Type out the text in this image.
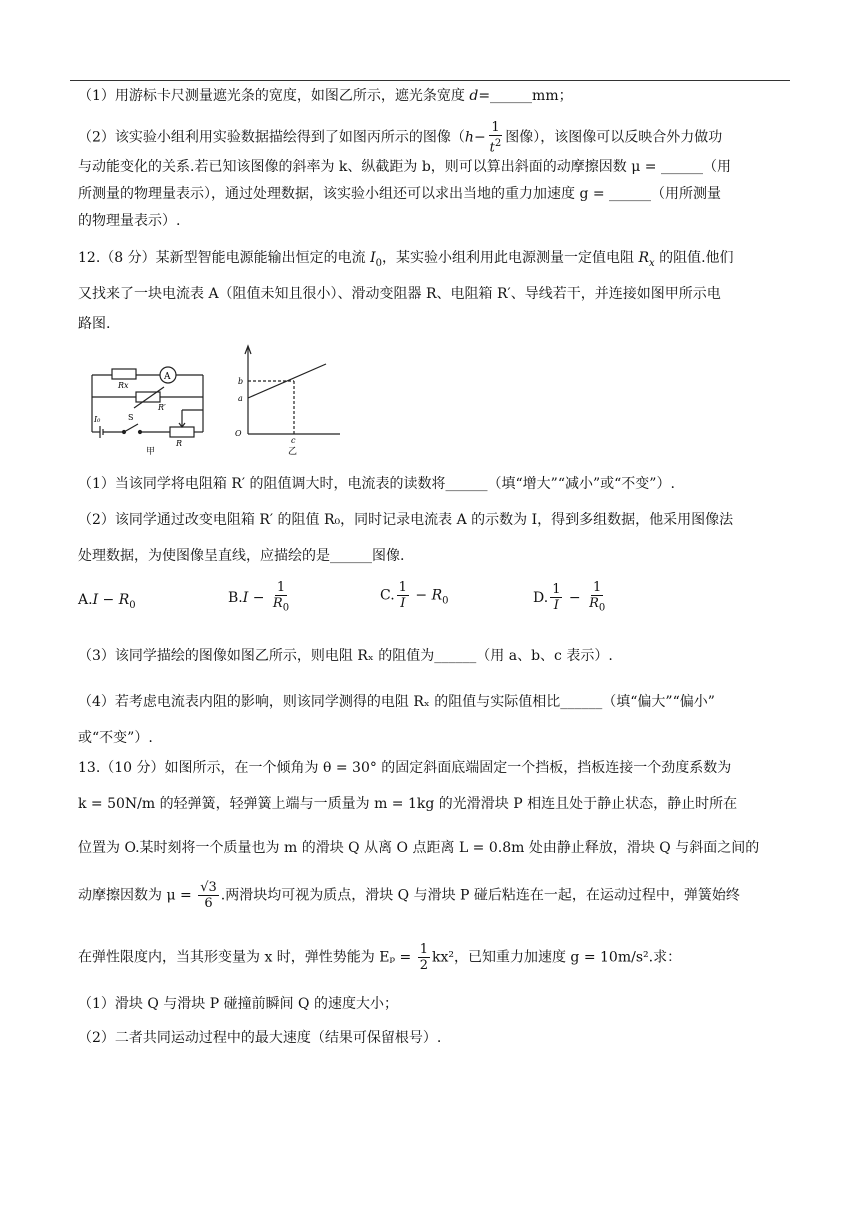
（1）用游标卡尺测量遮光条的宽度，如图乙所示，遮光条宽度 d=______mm；
（2）该实验小组利用实验数据描绘得到了如图丙所示的图像（$h- \frac{1}{t^2}$ 图像），该图像可以反映合外力做功
与动能变化的关系.若已知该图像的斜率为 k、纵截距为 b，则可以算出斜面的动摩擦因数 μ = ______（用
所测量的物理量表示），通过处理数据，该实验小组还可以求出当地的重力加速度 g = ______（用所测量
的物理量表示）.
12.（8 分）某新型智能电源能输出恒定的电流 $I_0$，某实验小组利用此电源测量一定值电阻 $R_x$ 的阻值.他们
又找来了一块电流表 A（阻值未知且很小）、滑动变阻器 R、电阻箱 R′、导线若干，并连接如图甲所示电
路图.
Rx
A
R′
I₀	S
R
甲
b
a
O
c
乙
（1）当该同学将电阻箱 R′ 的阻值调大时，电流表的读数将______（填“增大”“减小”或“不变”）.
（2）该同学通过改变电阻箱 R′ 的阻值 R₀，同时记录电流表 A 的示数为 I，得到多组数据，他采用图像法
处理数据，为使图像呈直线，应描绘的是______图像.
$A.I - R_0$	$B.I - \frac{1}{R_0}$	C. $\frac{1}{I} - R_0$	D. $\frac{1}{I} - \frac{1}{R_0}$
（3）该同学描绘的图像如图乙所示，则电阻 Rₓ 的阻值为______（用 a、b、c 表示）.
（4）若考虑电流表内阻的影响，则该同学测得的电阻 Rₓ 的阻值与实际值相比______（填“偏大”“偏小”
或“不变”）.
13.（10 分）如图所示，在一个倾角为 θ = 30° 的固定斜面底端固定一个挡板，挡板连接一个劲度系数为
k = 50N/m 的轻弹簧，轻弹簧上端与一质量为 m = 1kg 的光滑滑块 P 相连且处于静止状态，静止时所在
位置为 O.某时刻将一个质量也为 m 的滑块 Q 从离 O 点距离 L = 0.8m 处由静止释放，滑块 Q 与斜面之间的
动摩擦因数为 $\mu = \frac{√3}{6}$ .两滑块均可视为质点，滑块 Q 与滑块 P 碰后粘连在一起，在运动过程中，弹簧始终
在弹性限度内，当其形变量为 x 时，弹性势能为 $E_p = \frac{1}{2} kx^2$，已知重力加速度 g = 10m/s².求：
（1）滑块 Q 与滑块 P 碰撞前瞬间 Q 的速度大小；
（2）二者共同运动过程中的最大速度（结果可保留根号）.
